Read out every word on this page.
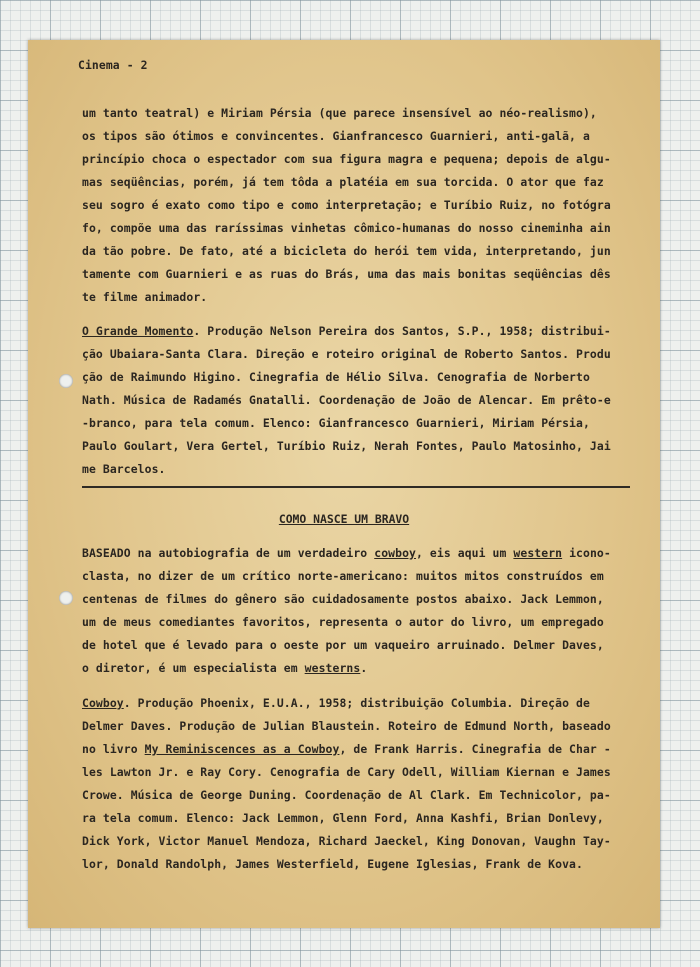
Cinema - 2
um tanto teatral) e Miriam Pérsia (que parece insensível ao néo-realismo),
os tipos são ótimos e convincentes. Gianfrancesco Guarnieri, anti-galã, a
princípio choca o espectador com sua figura magra e pequena; depois de algu-
mas seqüências, porém, já tem tôda a platéia em sua torcida. O ator que faz
seu sogro é exato como tipo e como interpretação; e Turíbio Ruiz, no fotógra
fo, compõe uma das raríssimas vinhetas cômico-humanas do nosso cineminha ain
da tão pobre. De fato, até a bicicleta do herói tem vida, interpretando, jun
tamente com Guarnieri e as ruas do Brás, uma das mais bonitas seqüências dês
te filme animador.
O Grande Momento. Produção Nelson Pereira dos Santos, S.P., 1958; distribui-
ção Ubaiara-Santa Clara. Direção e roteiro original de Roberto Santos. Produ
ção de Raimundo Higino. Cinegrafia de Hélio Silva. Cenografia de Norberto
Nath. Música de Radamés Gnatalli. Coordenação de João de Alencar. Em prêto-e
-branco, para tela comum. Elenco: Gianfrancesco Guarnieri, Miriam Pérsia,
Paulo Goulart, Vera Gertel, Turíbio Ruiz, Nerah Fontes, Paulo Matosinho, Jai
me Barcelos.
COMO NASCE UM BRAVO
BASEADO na autobiografia de um verdadeiro cowboy, eis aqui um western icono-
clasta, no dizer de um crítico norte-americano: muitos mitos construídos em
centenas de filmes do gênero são cuidadosamente postos abaixo. Jack Lemmon,
um de meus comediantes favoritos, representa o autor do livro, um empregado
de hotel que é levado para o oeste por um vaqueiro arruinado. Delmer Daves,
o diretor, é um especialista em westerns.
Cowboy. Produção Phoenix, E.U.A., 1958; distribuição Columbia. Direção de
Delmer Daves. Produção de Julian Blaustein. Roteiro de Edmund North, baseado
no livro My Reminiscences as a Cowboy, de Frank Harris. Cinegrafia de Char -
les Lawton Jr. e Ray Cory. Cenografia de Cary Odell, William Kiernan e James
Crowe. Música de George Duning. Coordenação de Al Clark. Em Technicolor, pa-
ra tela comum. Elenco: Jack Lemmon, Glenn Ford, Anna Kashfi, Brian Donlevy,
Dick York, Victor Manuel Mendoza, Richard Jaeckel, King Donovan, Vaughn Tay-
lor, Donald Randolph, James Westerfield, Eugene Iglesias, Frank de Kova.
